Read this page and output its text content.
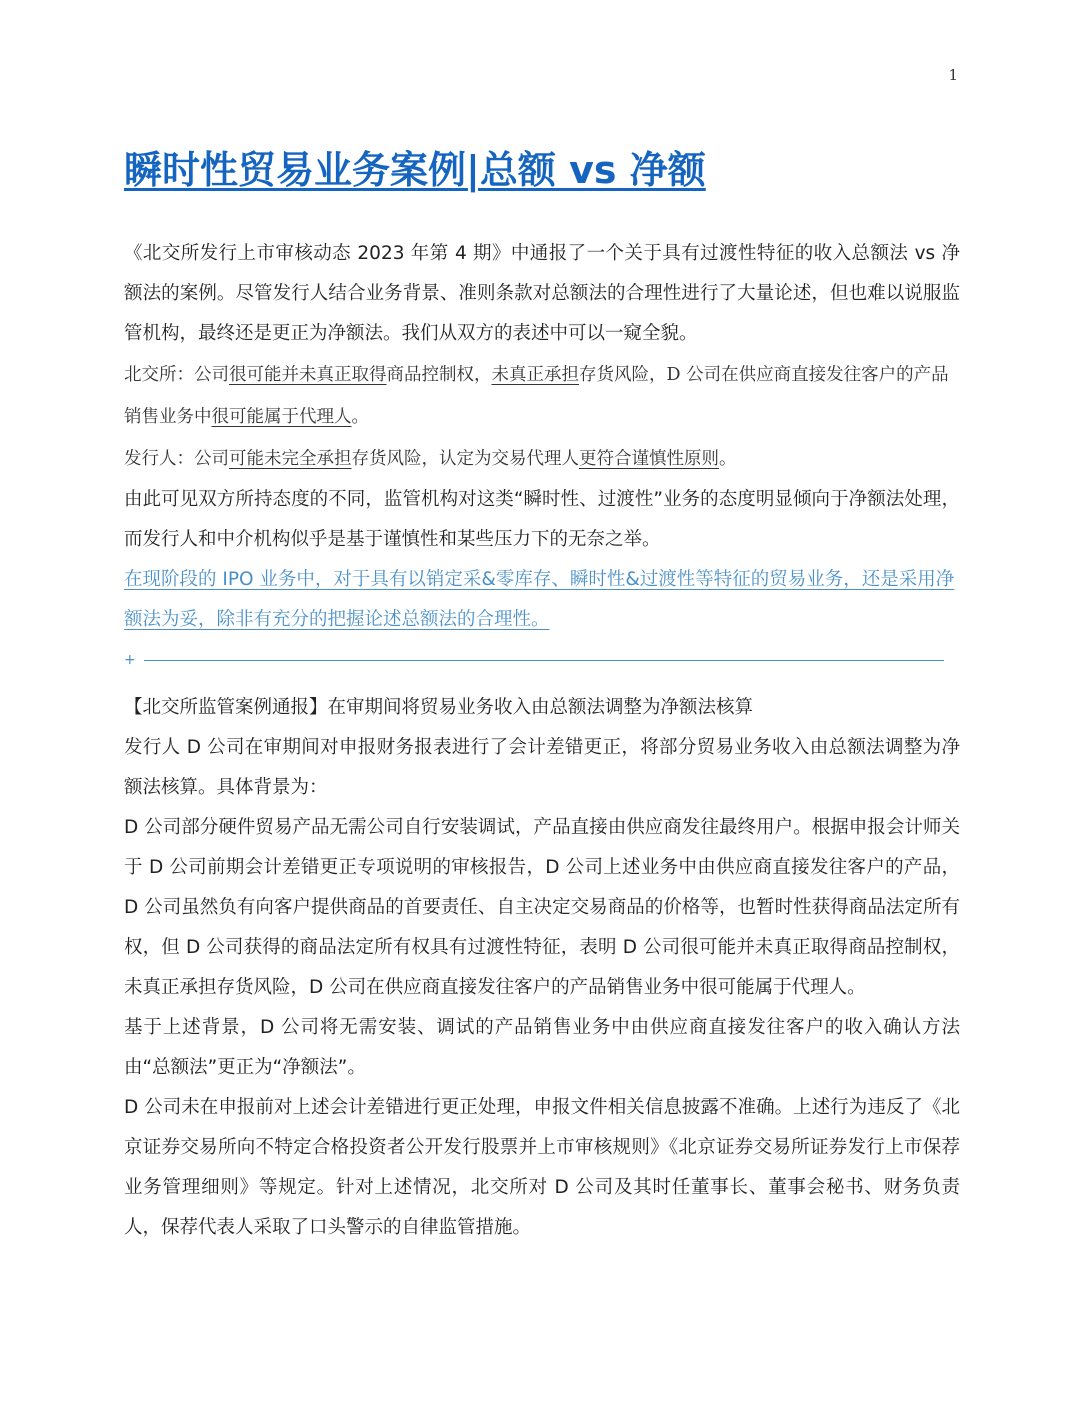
1
瞬时性贸易业务案例|总额 vs 净额

《北交所发行上市审核动态 2023 年第 4 期》中通报了一个关于具有过渡性特征的收入总额法 vs 净额法的案例。尽管发行人结合业务背景、准则条款对总额法的合理性进行了大量论述，但也难以说服监管机构，最终还是更正为净额法。我们从双方的表述中可以一窥全貌。

北交所：公司很可能并未真正取得商品控制权，未真正承担存货风险，D 公司在供应商直接发往客户的产品销售业务中很可能属于代理人。

发行人：公司可能未完全承担存货风险，认定为交易代理人更符合谨慎性原则。

由此可见双方所持态度的不同，监管机构对这类“瞬时性、过渡性”业务的态度明显倾向于净额法处理，而发行人和中介机构似乎是基于谨慎性和某些压力下的无奈之举。

在现阶段的 IPO 业务中，对于具有以销定采&零库存、瞬时性&过渡性等特征的贸易业务，还是采用净额法为妥，除非有充分的把握论述总额法的合理性。

+

【北交所监管案例通报】在审期间将贸易业务收入由总额法调整为净额法核算

发行人 D 公司在审期间对申报财务报表进行了会计差错更正，将部分贸易业务收入由总额法调整为净额法核算。具体背景为：

D 公司部分硬件贸易产品无需公司自行安装调试，产品直接由供应商发往最终用户。根据申报会计师关于 D 公司前期会计差错更正专项说明的审核报告，D 公司上述业务中由供应商直接发往客户的产品，D 公司虽然负有向客户提供商品的首要责任、自主决定交易商品的价格等，也暂时性获得商品法定所有权，但 D 公司获得的商品法定所有权具有过渡性特征，表明 D 公司很可能并未真正取得商品控制权，未真正承担存货风险，D 公司在供应商直接发往客户的产品销售业务中很可能属于代理人。

基于上述背景，D 公司将无需安装、调试的产品销售业务中由供应商直接发往客户的收入确认方法由“总额法”更正为“净额法”。

D 公司未在申报前对上述会计差错进行更正处理，申报文件相关信息披露不准确。上述行为违反了《北京证券交易所向不特定合格投资者公开发行股票并上市审核规则》《北京证券交易所证券发行上市保荐业务管理细则》等规定。针对上述情况，北交所对 D 公司及其时任董事长、董事会秘书、财务负责人，保荐代表人采取了口头警示的自律监管措施。
